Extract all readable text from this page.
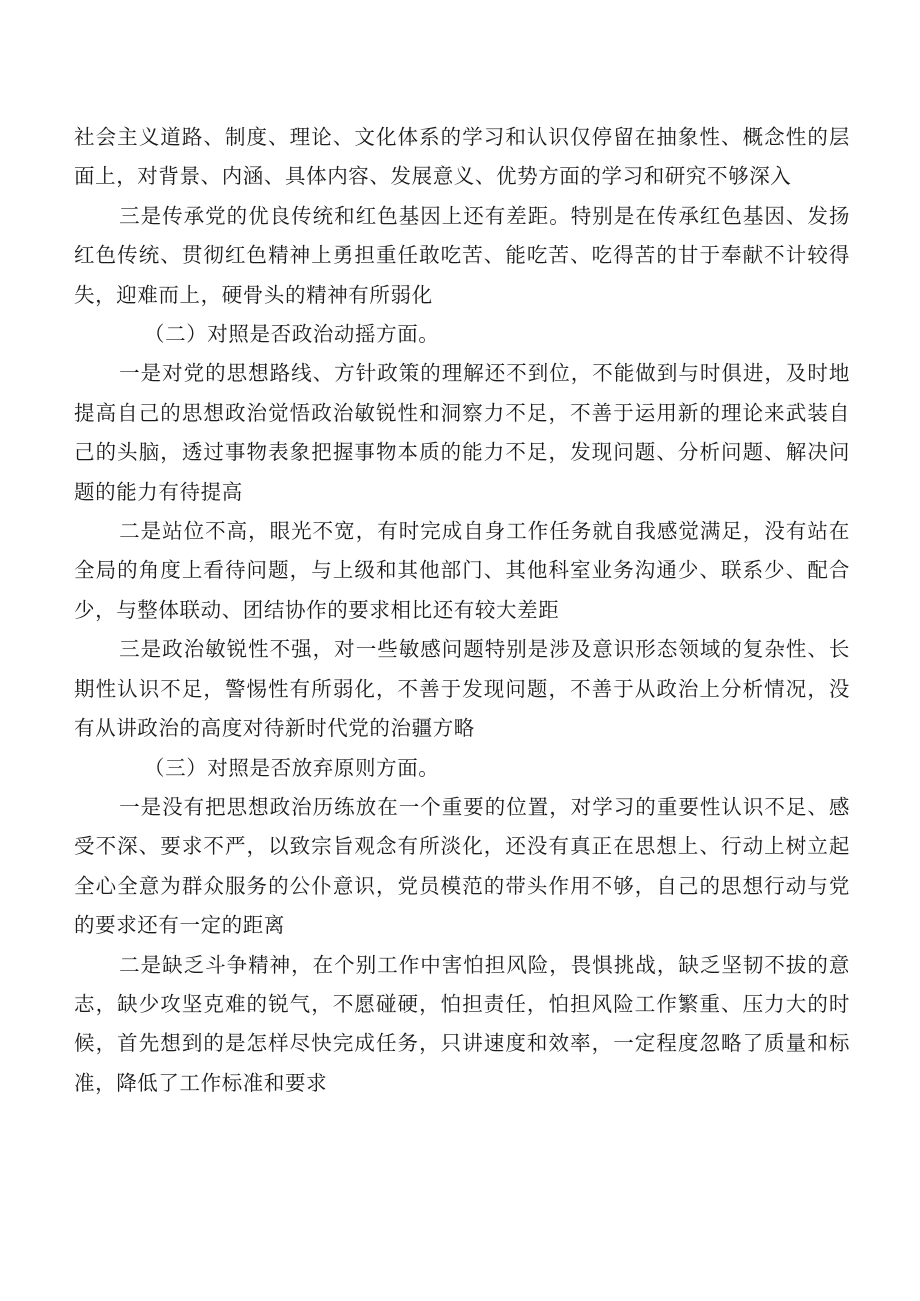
社会主义道路、制度、理论、文化体系的学习和认识仅停留在抽象性、概念性的层面上，对背景、内涵、具体内容、发展意义、优势方面的学习和研究不够深入

三是传承党的优良传统和红色基因上还有差距。特别是在传承红色基因、发扬红色传统、贯彻红色精神上勇担重任敢吃苦、能吃苦、吃得苦的甘于奉献不计较得失，迎难而上，硬骨头的精神有所弱化

（二）对照是否政治动摇方面。

一是对党的思想路线、方针政策的理解还不到位，不能做到与时俱进，及时地提高自己的思想政治觉悟政治敏锐性和洞察力不足，不善于运用新的理论来武装自己的头脑，透过事物表象把握事物本质的能力不足，发现问题、分析问题、解决问题的能力有待提高

二是站位不高，眼光不宽，有时完成自身工作任务就自我感觉满足，没有站在全局的角度上看待问题，与上级和其他部门、其他科室业务沟通少、联系少、配合少，与整体联动、团结协作的要求相比还有较大差距

三是政治敏锐性不强，对一些敏感问题特别是涉及意识形态领域的复杂性、长期性认识不足，警惕性有所弱化，不善于发现问题，不善于从政治上分析情况，没有从讲政治的高度对待新时代党的治疆方略

（三）对照是否放弃原则方面。

一是没有把思想政治历练放在一个重要的位置，对学习的重要性认识不足、感受不深、要求不严，以致宗旨观念有所淡化，还没有真正在思想上、行动上树立起全心全意为群众服务的公仆意识，党员模范的带头作用不够，自己的思想行动与党的要求还有一定的距离

二是缺乏斗争精神，在个别工作中害怕担风险，畏惧挑战，缺乏坚韧不拔的意志，缺少攻坚克难的锐气，不愿碰硬，怕担责任，怕担风险工作繁重、压力大的时候，首先想到的是怎样尽快完成任务，只讲速度和效率，一定程度忽略了质量和标准，降低了工作标准和要求
